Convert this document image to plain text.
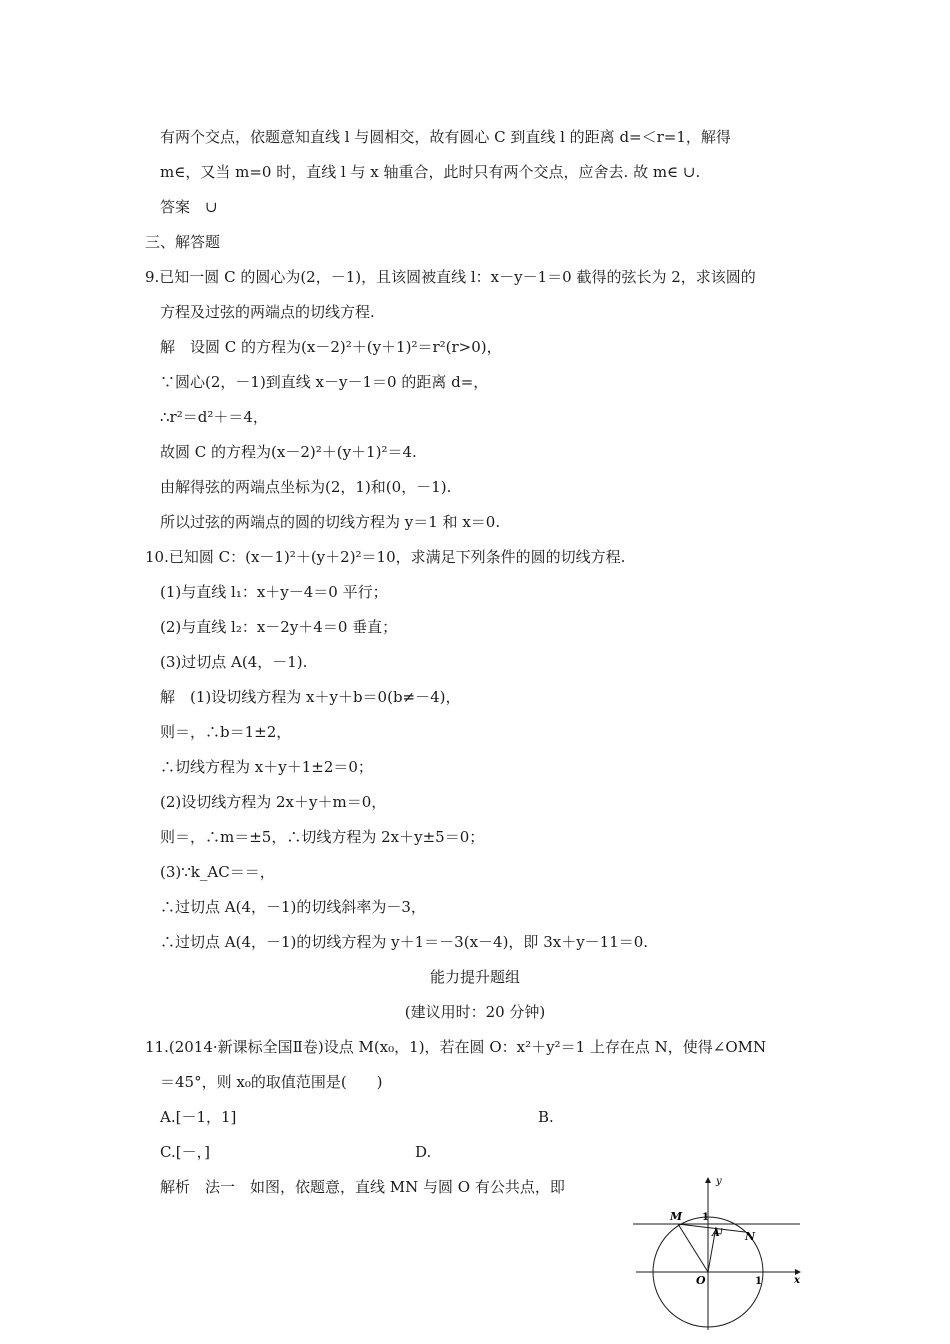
有两个交点，依题意知直线 l 与圆相交，故有圆心 C 到直线 l 的距离 d=＜r=1，解得
m∈，又当 m=0 时，直线 l 与 x 轴重合，此时只有两个交点，应舍去. 故 m∈ ∪.
答案　∪
三、解答题
9.已知一圆 C 的圆心为(2，－1)，且该圆被直线 l：x－y－1＝0 截得的弦长为 2，求该圆的
方程及过弦的两端点的切线方程.
解　设圆 C 的方程为(x－2)²＋(y＋1)²＝r²(r>0)，
∵圆心(2，－1)到直线 x－y－1＝0 的距离 d=，
∴r²＝d²＋＝4，
故圆 C 的方程为(x－2)²＋(y＋1)²＝4.
由解得弦的两端点坐标为(2，1)和(0，－1).
所以过弦的两端点的圆的切线方程为 y＝1 和 x＝0.
10.已知圆 C：(x－1)²＋(y＋2)²＝10，求满足下列条件的圆的切线方程.
(1)与直线 l₁：x＋y－4＝0 平行；
(2)与直线 l₂：x－2y＋4＝0 垂直；
(3)过切点 A(4，－1).
解　(1)设切线方程为 x＋y＋b＝0(b≠－4)，
则＝，∴b＝1±2，
∴切线方程为 x＋y＋1±2＝0；
(2)设切线方程为 2x＋y＋m＝0，
则＝，∴m＝±5，∴切线方程为 2x＋y±5＝0；
(3)∵k_AC＝＝，
∴过切点 A(4，－1)的切线斜率为－3，
∴过切点 A(4，－1)的切线方程为 y＋1＝－3(x－4)，即 3x＋y－11＝0.
能力提升题组
(建议用时：20 分钟)
11.(2014·新课标全国Ⅱ卷)设点 M(x₀，1)，若在圆 O：x²＋y²＝1 上存在点 N，使得∠OMN
＝45°，则 x₀的取值范围是(　　)
A.[－1，1]	B.
C.[－，]	D.
解析　法一　如图，依题意，直线 MN 与圆 O 有公共点，即	y
x
M
N
A
O
1
1
